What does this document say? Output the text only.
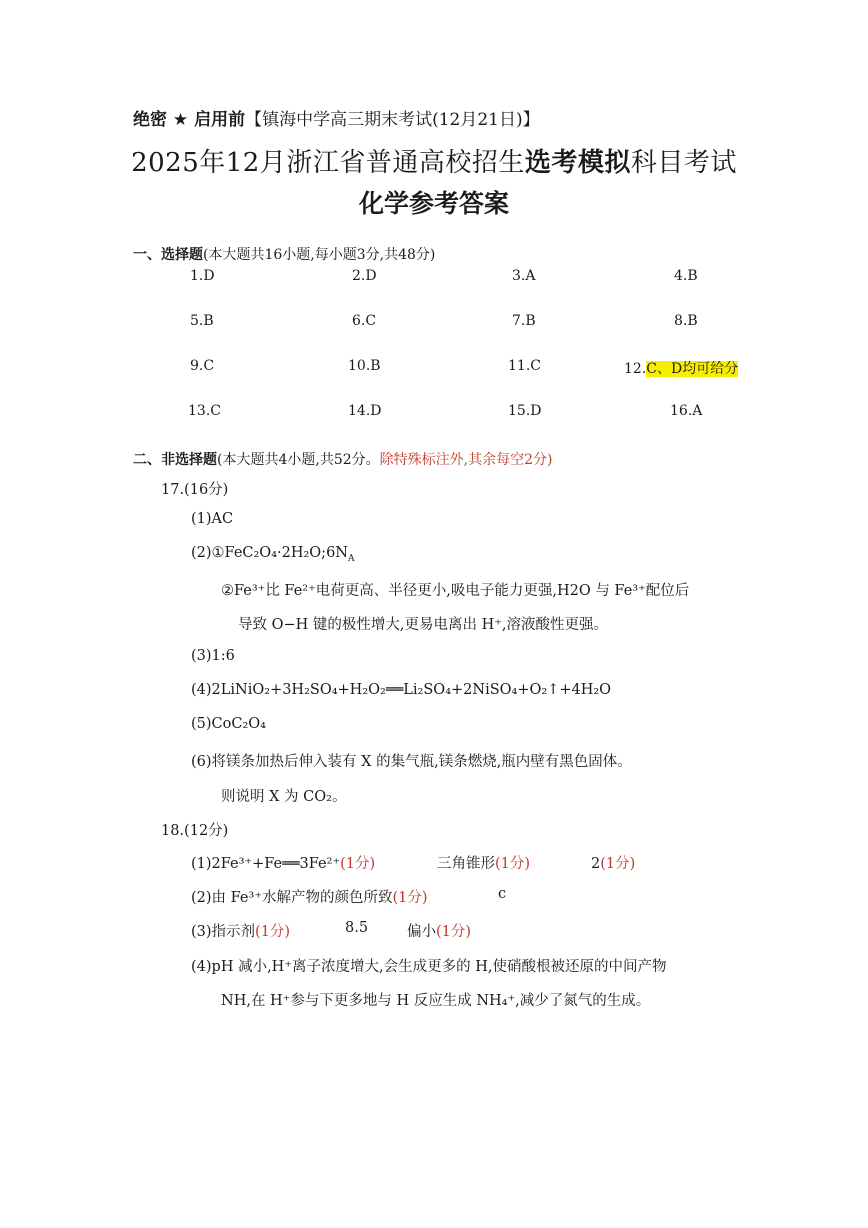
绝密 ★ 启用前【镇海中学高三期末考试(12月21日)】
2025年12月浙江省普通高校招生选考模拟科目考试
化学参考答案
一、选择题(本大题共16小题,每小题3分,共48分)
1.D	2.D	3.A	4.B
5.B	6.C	7.B	8.B
9.C	10.B	11.C	12.C、D均可给分
13.C	14.D	15.D	16.A
二、非选择题(本大题共4小题,共52分。除特殊标注外,其余每空2分)
17.(16分)
(1)AC
$(2)①FeC_2O_4\cdot 2H_2O;6N_A$
②Fe³⁺比 Fe²⁺电荷更高、半径更小,吸电子能力更强,H2O 与 Fe³⁺配位后
导致 O−H 键的极性增大,更易电离出 H⁺,溶液酸性更强。
(3)1:6
(4)2LiNiO₂+3H₂SO₄+H₂O₂══Li₂SO₄+2NiSO₄+O₂↑+4H₂O
(5)CoC₂O₄
(6)将镁条加热后伸入装有 X 的集气瓶,镁条燃烧,瓶内壁有黑色固体。
则说明 X 为 CO₂。
18.(12分)
(1)2Fe³⁺+Fe══3Fe²⁺(1分)	三角锥形(1分)	2(1分)
(2)由 Fe³⁺水解产物的颜色所致(1分)	c
(3)指示剂(1分)	8.5	偏小(1分)
(4)pH 减小,H⁺离子浓度增大,会生成更多的 H,使硝酸根被还原的中间产物
NH,在 H⁺参与下更多地与 H 反应生成 NH₄⁺,减少了氮气的生成。
